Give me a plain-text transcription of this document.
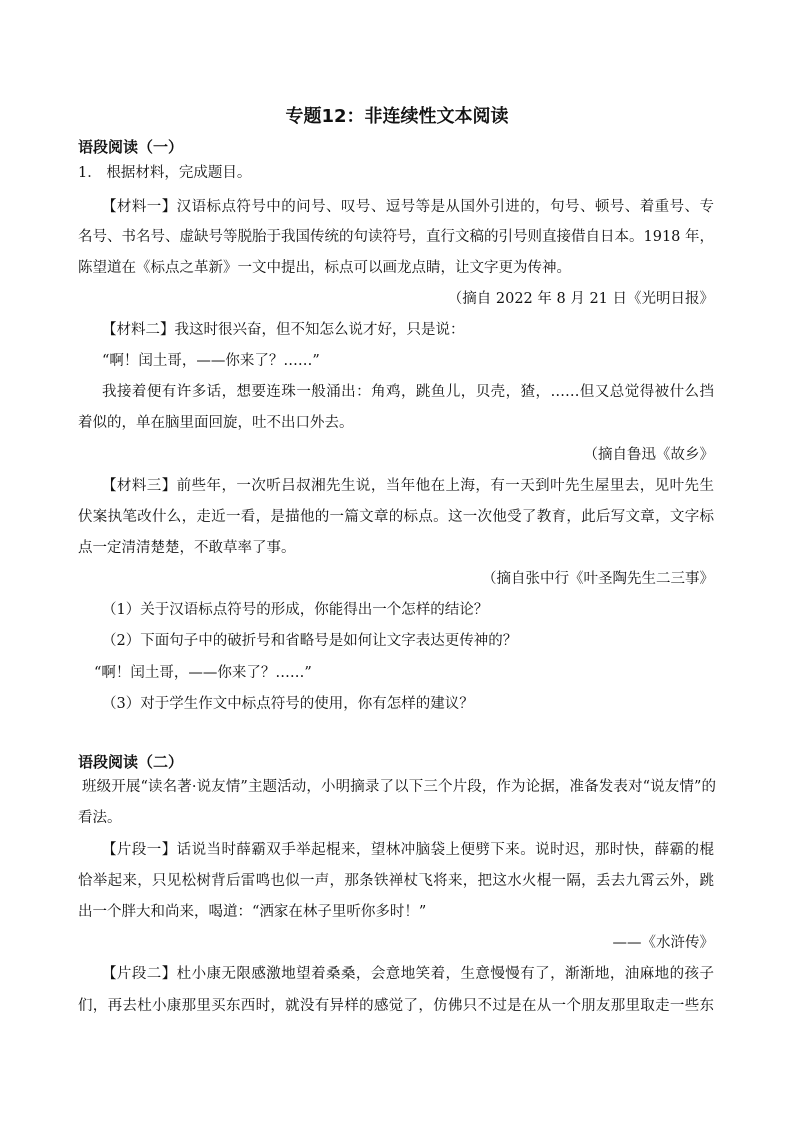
专题12：非连续性文本阅读
语段阅读（一）
1． 根据材料，完成题目。
【材料一】汉语标点符号中的问号、叹号、逗号等是从国外引进的，句号、顿号、着重号、专
名号、书名号、虚缺号等脱胎于我国传统的句读符号，直行文稿的引号则直接借自日本。1918 年，
陈望道在《标点之革新》一文中提出，标点可以画龙点睛，让文字更为传神。
（摘自 2022 年 8 月 21 日《光明日报》
【材料二】我这时很兴奋，但不知怎么说才好，只是说：
“啊！闰土哥，——你来了？……”
我接着便有许多话，想要连珠一般涌出：角鸡，跳鱼儿，贝壳，猹，……但又总觉得被什么挡
着似的，单在脑里面回旋，吐不出口外去。
（摘自鲁迅《故乡》
【材料三】前些年，一次听吕叔湘先生说，当年他在上海，有一天到叶先生屋里去，见叶先生
伏案执笔改什么，走近一看，是描他的一篇文章的标点。这一次他受了教育，此后写文章，文字标
点一定清清楚楚，不敢草率了事。
（摘自张中行《叶圣陶先生二三事》
（1）关于汉语标点符号的形成，你能得出一个怎样的结论？
（2）下面句子中的破折号和省略号是如何让文字表达更传神的？
“啊！闰土哥，——你来了？……”
（3）对于学生作文中标点符号的使用，你有怎样的建议？
语段阅读（二）
班级开展“读名著·说友情”主题活动，小明摘录了以下三个片段，作为论据，准备发表对“说友情”的
看法。
【片段一】话说当时薛霸双手举起棍来，望林冲脑袋上便劈下来。说时迟，那时快，薛霸的棍
恰举起来，只见松树背后雷鸣也似一声，那条铁禅杖飞将来，把这水火棍一隔，丢去九霄云外，跳
出一个胖大和尚来，喝道：“洒家在林子里听你多时！”
——《水浒传》
【片段二】杜小康无限感激地望着桑桑，会意地笑着，生意慢慢有了，渐渐地，油麻地的孩子
们，再去杜小康那里买东西时，就没有异样的感觉了，仿佛只不过是在从一个朋友那里取走一些东
